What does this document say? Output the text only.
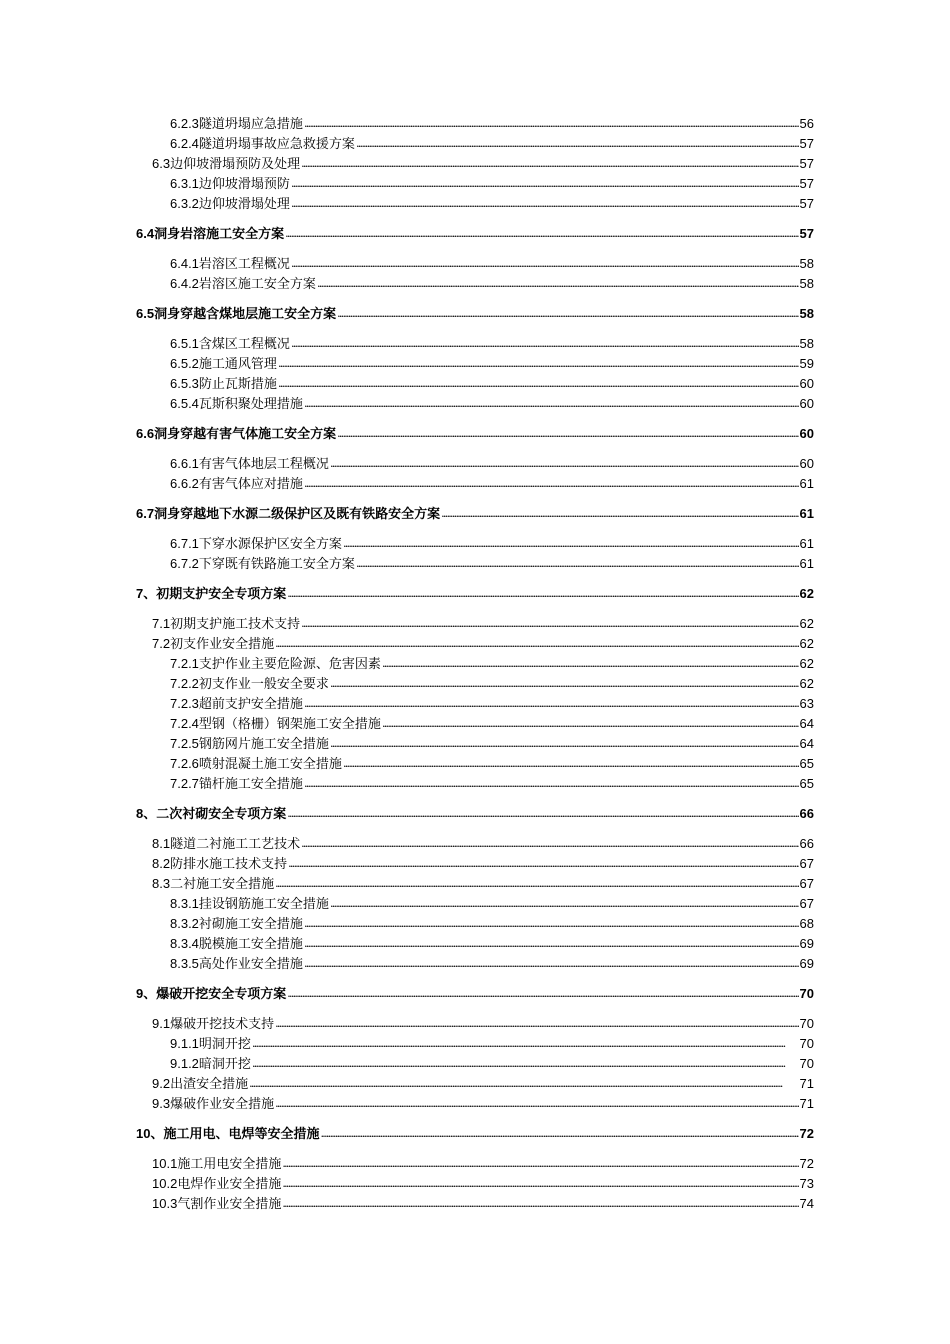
6.2.3 隧道坍塌应急措施 . . .	56
6.2.4 隧道坍塌事故应急救援方案 . . .	57
6.3 边仰坡滑塌预防及处理 . . .	57
6.3.1 边仰坡滑塌预防 . . .	57
6.3.2 边仰坡滑塌处理 . . .	57
6.4 洞身岩溶施工安全方案 . . .	57
6.4.1 岩溶区工程概况 . . .	58
6.4.2 岩溶区施工安全方案 . . .	58
6.5 洞身穿越含煤地层施工安全方案 . . .	58
6.5.1 含煤区工程概况 . . .	58
6.5.2 施工通风管理 . . .	59
6.5.3 防止瓦斯措施 . . .	60
6.5.4 瓦斯积聚处理措施 . . .	60
6.6 洞身穿越有害气体施工安全方案 . . .	60
6.6.1 有害气体地层工程概况 . . .	60
6.6.2 有害气体应对措施 . . .	61
6.7 洞身穿越地下水源二级保护区及既有铁路安全方案 . . .	61
6.7.1 下穿水源保护区安全方案 . . .	61
6.7.2 下穿既有铁路施工安全方案 . . .	61
7、 初期支护安全专项方案 . . .	62
7.1 初期支护施工技术支持 . . .	62
7.2 初支作业安全措施 . . .	62
7.2.1 支护作业主要危险源、危害因素 . . .	62
7.2.2 初支作业一般安全要求 . . .	62
7.2.3 超前支护安全措施 . . .	63
7.2.4 型钢（格栅）钢架施工安全措施 . . .	64
7.2.5 钢筋网片施工安全措施 . . .	64
7.2.6 喷射混凝土施工安全措施 . . .	65
7.2.7 锚杆施工安全措施 . . .	65
8、 二次衬砌安全专项方案 . . .	66
8.1 隧道二衬施工工艺技术 . . .	66
8.2 防排水施工技术支持 . . .	67
8.3 二衬施工安全措施 . . .	67
8.3.1 挂设钢筋施工安全措施 . . .	67
8.3.2 衬砌施工安全措施 . . .	68
8.3.4 脱模施工安全措施 . . .	69
8.3.5 高处作业安全措施 . . .	69
9、 爆破开挖安全专项方案 . . .	70
9.1 爆破开挖技术支持 . . .	70
9.1.1 明洞开挖 . . .	70
9.1.2 暗洞开挖 . . .	70
9.2 出渣安全措施 . . .	71
9.3 爆破作业安全措施 . . .	71
10、 施工用电、电焊等安全措施 . . .	72
10.1 施工用电安全措施 . . .	72
10.2 电焊作业安全措施 . . .	73
10.3 气割作业安全措施 . . .	74
